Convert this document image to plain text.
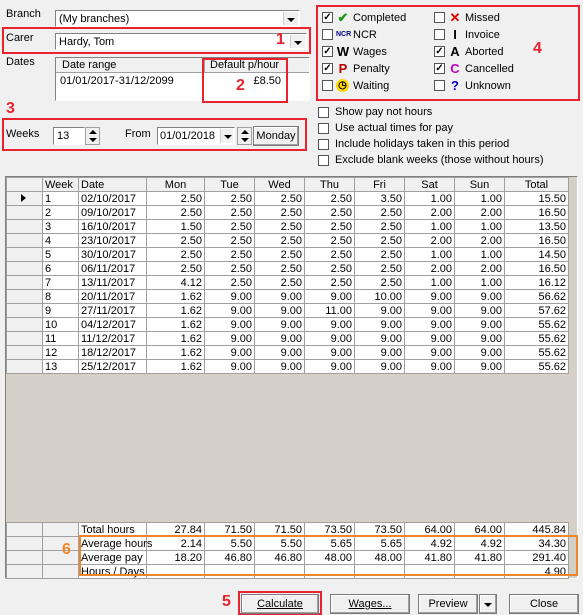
Branch (My branches)
Carer Hardy, Tom	1
Dates Date range	Default p/hour
01/01/2017-31/12/2099	£8.50
2
3
Weeks 13	From 01/01/2018	Monday
4
✓ ✔ Completed
NCR NCR
✓ W Wages
✓ P Penalty
◷ Waiting
✕ Missed
I Invoice
✓ A Aborted
✓ C Cancelled
? Unknown
Show pay not hours
Use actual times for pay
Include holidays taken in this period
Exclude blank weeks (those without hours)
	Week	Date	Mon	Tue	Wed	Thu	Fri	Sat	Sun	Total
	1	02/10/2017	2.50	2.50	2.50	2.50	3.50	1.00	1.00	15.50
	2	09/10/2017	2.50	2.50	2.50	2.50	2.50	2.00	2.00	16.50
	3	16/10/2017	1.50	2.50	2.50	2.50	2.50	1.00	1.00	13.50
	4	23/10/2017	2.50	2.50	2.50	2.50	2.50	2.00	2.00	16.50
	5	30/10/2017	2.50	2.50	2.50	2.50	2.50	1.00	1.00	14.50
	6	06/11/2017	2.50	2.50	2.50	2.50	2.50	2.00	2.00	16.50
	7	13/11/2017	4.12	2.50	2.50	2.50	2.50	1.00	1.00	16.12
	8	20/11/2017	1.62	9.00	9.00	9.00	10.00	9.00	9.00	56.62
	9	27/11/2017	1.62	9.00	9.00	11.00	9.00	9.00	9.00	57.62
	10	04/12/2017	1.62	9.00	9.00	9.00	9.00	9.00	9.00	55.62
	11	11/12/2017	1.62	9.00	9.00	9.00	9.00	9.00	9.00	55.62
	12	18/12/2017	1.62	9.00	9.00	9.00	9.00	9.00	9.00	55.62
	13	25/12/2017	1.62	9.00	9.00	9.00	9.00	9.00	9.00	55.62
		Total hours	27.84	71.50	71.50	73.50	73.50	64.00	64.00	445.84
		Average hours	2.14	5.50	5.50	5.65	5.65	4.92	4.92	34.30
		Average pay	18.20	46.80	46.80	48.00	48.00	41.80	41.80	291.40
		Hours / Days								4.90
6
5	Calculate	Wages...	Preview	Close
